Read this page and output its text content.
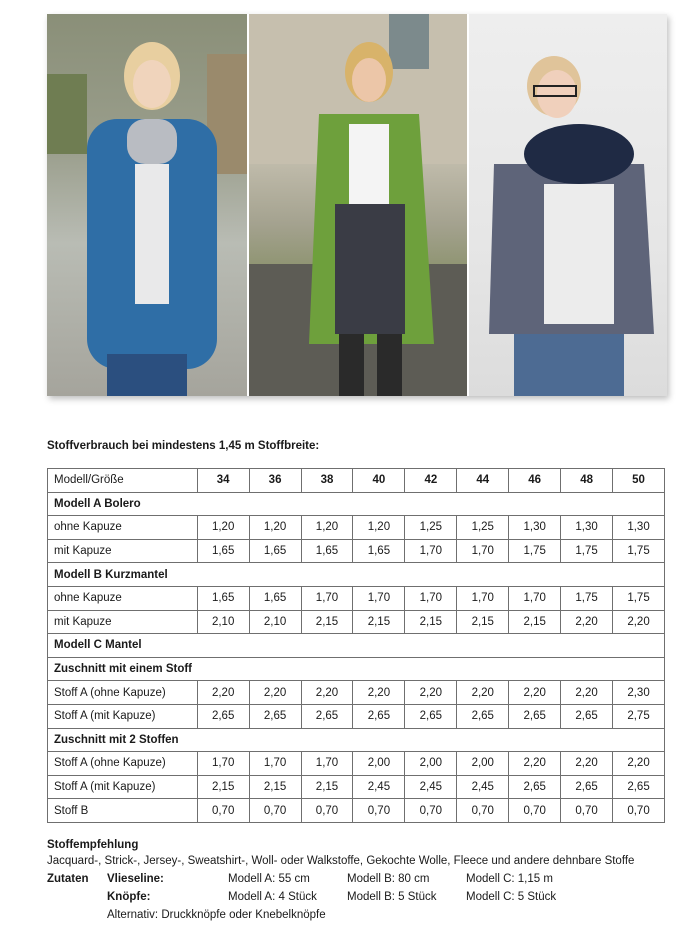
Stoffverbrauch bei mindestens 1,45 m Stoffbreite:
Modell/Größe	34	36	38	40	42	44	46	48	50
Modell A Bolero									
ohne Kapuze	1,20	1,20	1,20	1,20	1,25	1,25	1,30	1,30	1,30
mit Kapuze	1,65	1,65	1,65	1,65	1,70	1,70	1,75	1,75	1,75
Modell B Kurzmantel									
ohne Kapuze	1,65	1,65	1,70	1,70	1,70	1,70	1,70	1,75	1,75
mit Kapuze	2,10	2,10	2,15	2,15	2,15	2,15	2,15	2,20	2,20
Modell C Mantel									
Zuschnitt mit einem Stoff									
Stoff A (ohne Kapuze)	2,20	2,20	2,20	2,20	2,20	2,20	2,20	2,20	2,30
Stoff A (mit Kapuze)	2,65	2,65	2,65	2,65	2,65	2,65	2,65	2,65	2,75
Zuschnitt mit 2 Stoffen									
Stoff A (ohne Kapuze)	1,70	1,70	1,70	2,00	2,00	2,00	2,20	2,20	2,20
Stoff A (mit Kapuze)	2,15	2,15	2,15	2,45	2,45	2,45	2,65	2,65	2,65
Stoff B	0,70	0,70	0,70	0,70	0,70	0,70	0,70	0,70	0,70
Stoffempfehlung
Jacquard-, Strick-, Jersey-, Sweatshirt-, Woll- oder Walkstoffe, Gekochte Wolle, Fleece und andere dehnbare Stoffe
Zutaten Vlieseline:	Modell A: 55 cm	Modell B: 80 cm	Modell C: 1,15 m
Knöpfe:	Modell A: 4 Stück	Modell B: 5 Stück	Modell C: 5 Stück
Alternativ: Druckknöpfe oder Knebelknöpfe
